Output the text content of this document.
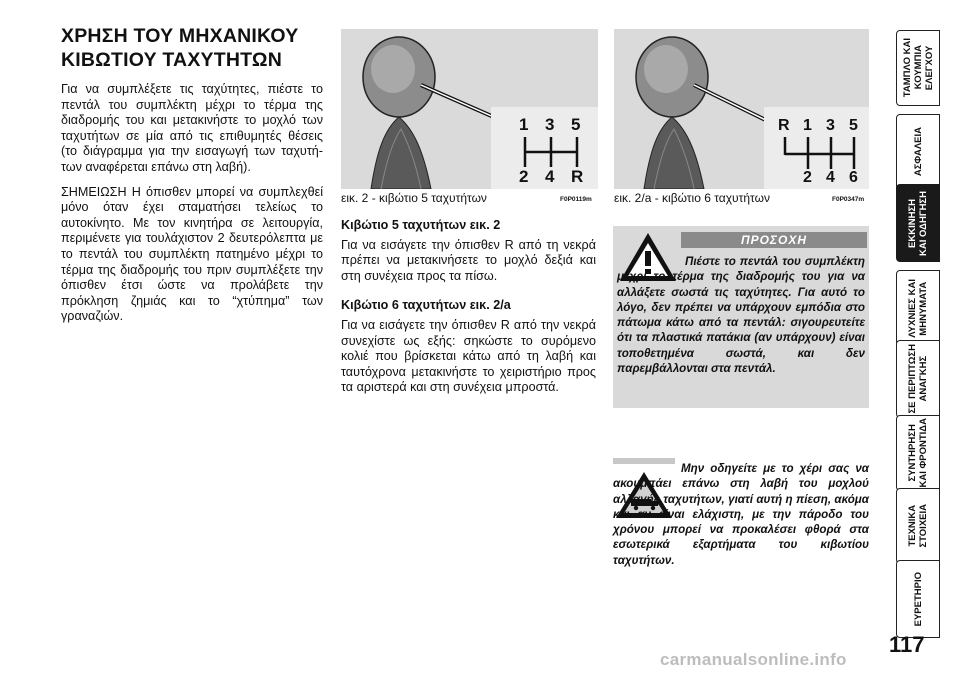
ΧΡΗΣΗ ΤΟΥ ΜΗΧΑΝΙΚΟΥ
ΚΙΒΩΤΙΟΥ ΤΑΧΥΤΗΤΩΝ

Για να συμπλέξετε τις ταχύτητες, πιέστε το πεντάλ του συμπλέκτη μέχρι το τέρμα της διαδρομής του και μετακινήστε το μοχλό των ταχυτήτων σε μία από τις επιθυμητές θέσεις (το διάγραμμα για την εισαγωγή των ταχυτήτων αναφέρεται επάνω στη λαβή).

ΣΗΜΕΙΩΣΗ Η όπισθεν μπορεί να συμπλεχθεί μόνο όταν έχει σταματήσει τελείως το αυτοκίνητο. Με τον κινητήρα σε λειτουργία, περιμένετε για τουλάχιστον 2 δευτερόλεπτα με το πεντάλ του συμπλέκτη πατημένο μέχρι το τέρμα της διαδρομής του πριν συμπλέξετε την όπισθεν έτσι ώστε να προλάβετε την πρόκληση ζημιάς και το “χτύπημα” των γραναζιών.

1 3 5
2 4 R
εικ. 2 - κιβώτιο 5 ταχυτήτων	F0P0119m
R 1 3 5
2 4 6
εικ. 2/a - κιβώτιο 6 ταχυτήτων	F0P0347m
Κιβώτιο 5 ταχυτήτων εικ. 2

Για να εισάγετε την όπισθεν R από τη νεκρά πρέπει να μετακινήσετε το μοχλό δεξιά και στη συνέχεια προς τα πίσω.

Κιβώτιο 6 ταχυτήτων εικ. 2/a

Για να εισάγετε την όπισθεν R από την νεκρά συνεχίστε ως εξής: σηκώστε το συρόμενο κολιέ που βρίσκεται κάτω από τη λαβή και ταυτόχρονα μετακινήστε το χειριστήριο προς τα αριστερά και στη συνέχεια μπροστά.

ΠΡΟΣΟΧΗ
Πιέστε το πεντάλ του συμπλέκτη μέχρι το τέρμα της διαδρομής του για να αλλάξετε σωστά τις ταχύτητες. Για αυτό το λόγο, δεν πρέπει να υπάρχουν εμπόδια στο πάτωμα κάτω από τα πεντάλ: σιγουρευτείτε ότι τα πλαστικά πατάκια (αν υπάρχουν) είναι τοποθετημένα σωστά, και δεν παρεμβάλλονται στα πεντάλ.
Μην οδηγείτε με το χέρι σας να ακουμπάει επάνω στη λαβή του μοχλού αλλαγής ταχυτήτων, γιατί αυτή η πίεση, ακόμα και αν είναι ελάχιστη, με την πάροδο του χρόνου μπορεί να προκαλέσει φθορά στα εσωτερικά εξαρτήματα του κιβωτίου ταχυτήτων.
ΤΑΜΠΛΟ ΚΑΙ
ΚΟΥΜΠΙΑ
ΕΛΕΓΧΟΥ
ΑΣΦΑΛΕΙΑ
ΕΚΚΙΝΗΣΗ
ΚΑΙ ΟΔΗΓΗΣΗ
ΛΥΧΝΙΕΣ ΚΑΙ
ΜΗΝΥΜΑΤΑ
ΣΕ ΠΕΡΙΠΤΩΣΗ
ΑΝΑΓΚΗΣ
ΣΥΝΤΗΡΗΣΗ
ΚΑΙ ΦΡΟΝΤΙΔΑ
ΤΕΧΝΙΚΑ
ΣΤΟΙΧΕΙΑ
ΕΥΡΕΤΗΡΙΟ
117
carmanualsonline.info
